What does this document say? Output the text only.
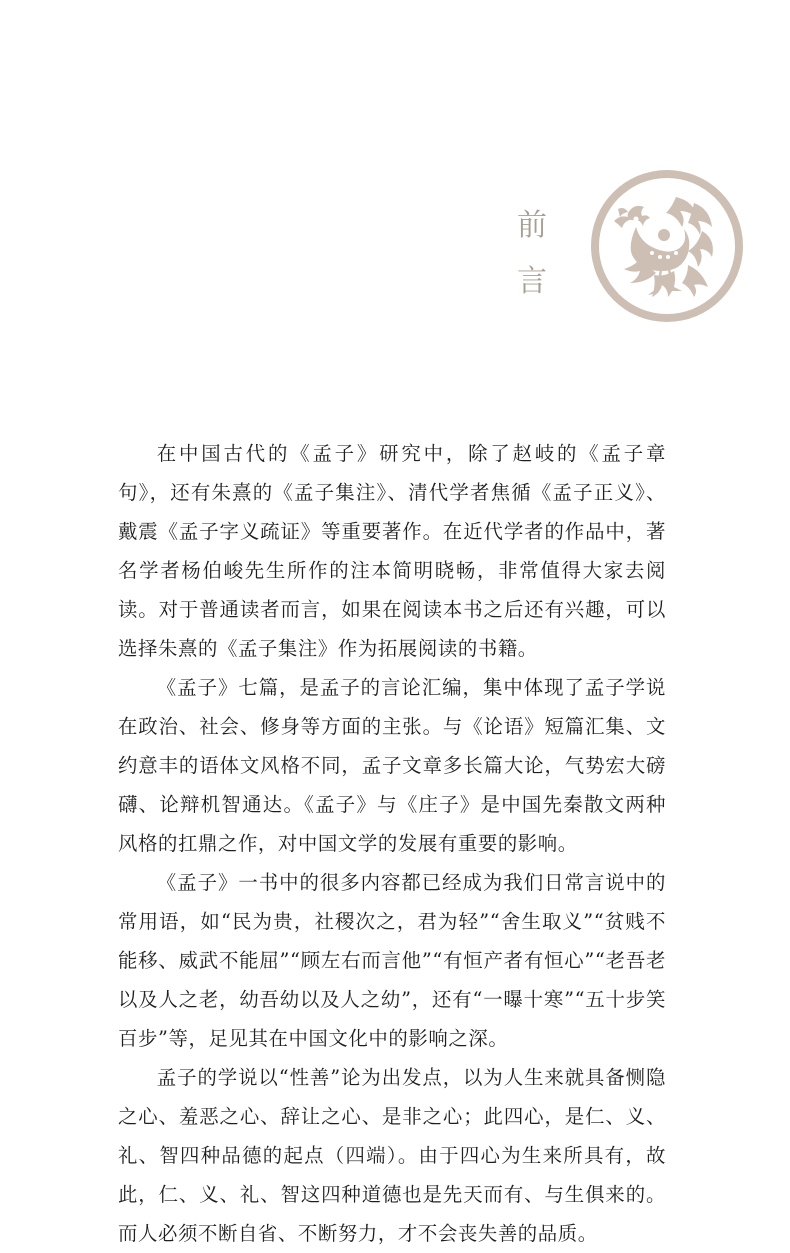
前
言

在中国古代的《孟子》研究中，除了赵岐的《孟子章句》，还有朱熹的《孟子集注》、清代学者焦循《孟子正义》、戴震《孟子字义疏证》等重要著作。在近代学者的作品中，著名学者杨伯峻先生所作的注本简明晓畅，非常值得大家去阅读。对于普通读者而言，如果在阅读本书之后还有兴趣，可以选择朱熹的《孟子集注》作为拓展阅读的书籍。

《孟子》七篇，是孟子的言论汇编，集中体现了孟子学说在政治、社会、修身等方面的主张。与《论语》短篇汇集、文约意丰的语体文风格不同，孟子文章多长篇大论，气势宏大磅礴、论辩机智通达。《孟子》与《庄子》是中国先秦散文两种风格的扛鼎之作，对中国文学的发展有重要的影响。

《孟子》一书中的很多内容都已经成为我们日常言说中的常用语，如“民为贵，社稷次之，君为轻”“舍生取义”“贫贱不能移、威武不能屈”“顾左右而言他”“有恒产者有恒心”“老吾老以及人之老，幼吾幼以及人之幼”，还有“一曝十寒”“五十步笑百步”等，足见其在中国文化中的影响之深。

孟子的学说以“性善”论为出发点，以为人生来就具备恻隐之心、羞恶之心、辞让之心、是非之心；此四心，是仁、义、礼、智四种品德的起点（四端）。由于四心为生来所具有，故此，仁、义、礼、智这四种道德也是先天而有、与生俱来的。而人必须不断自省、不断努力，才不会丧失善的品质。
